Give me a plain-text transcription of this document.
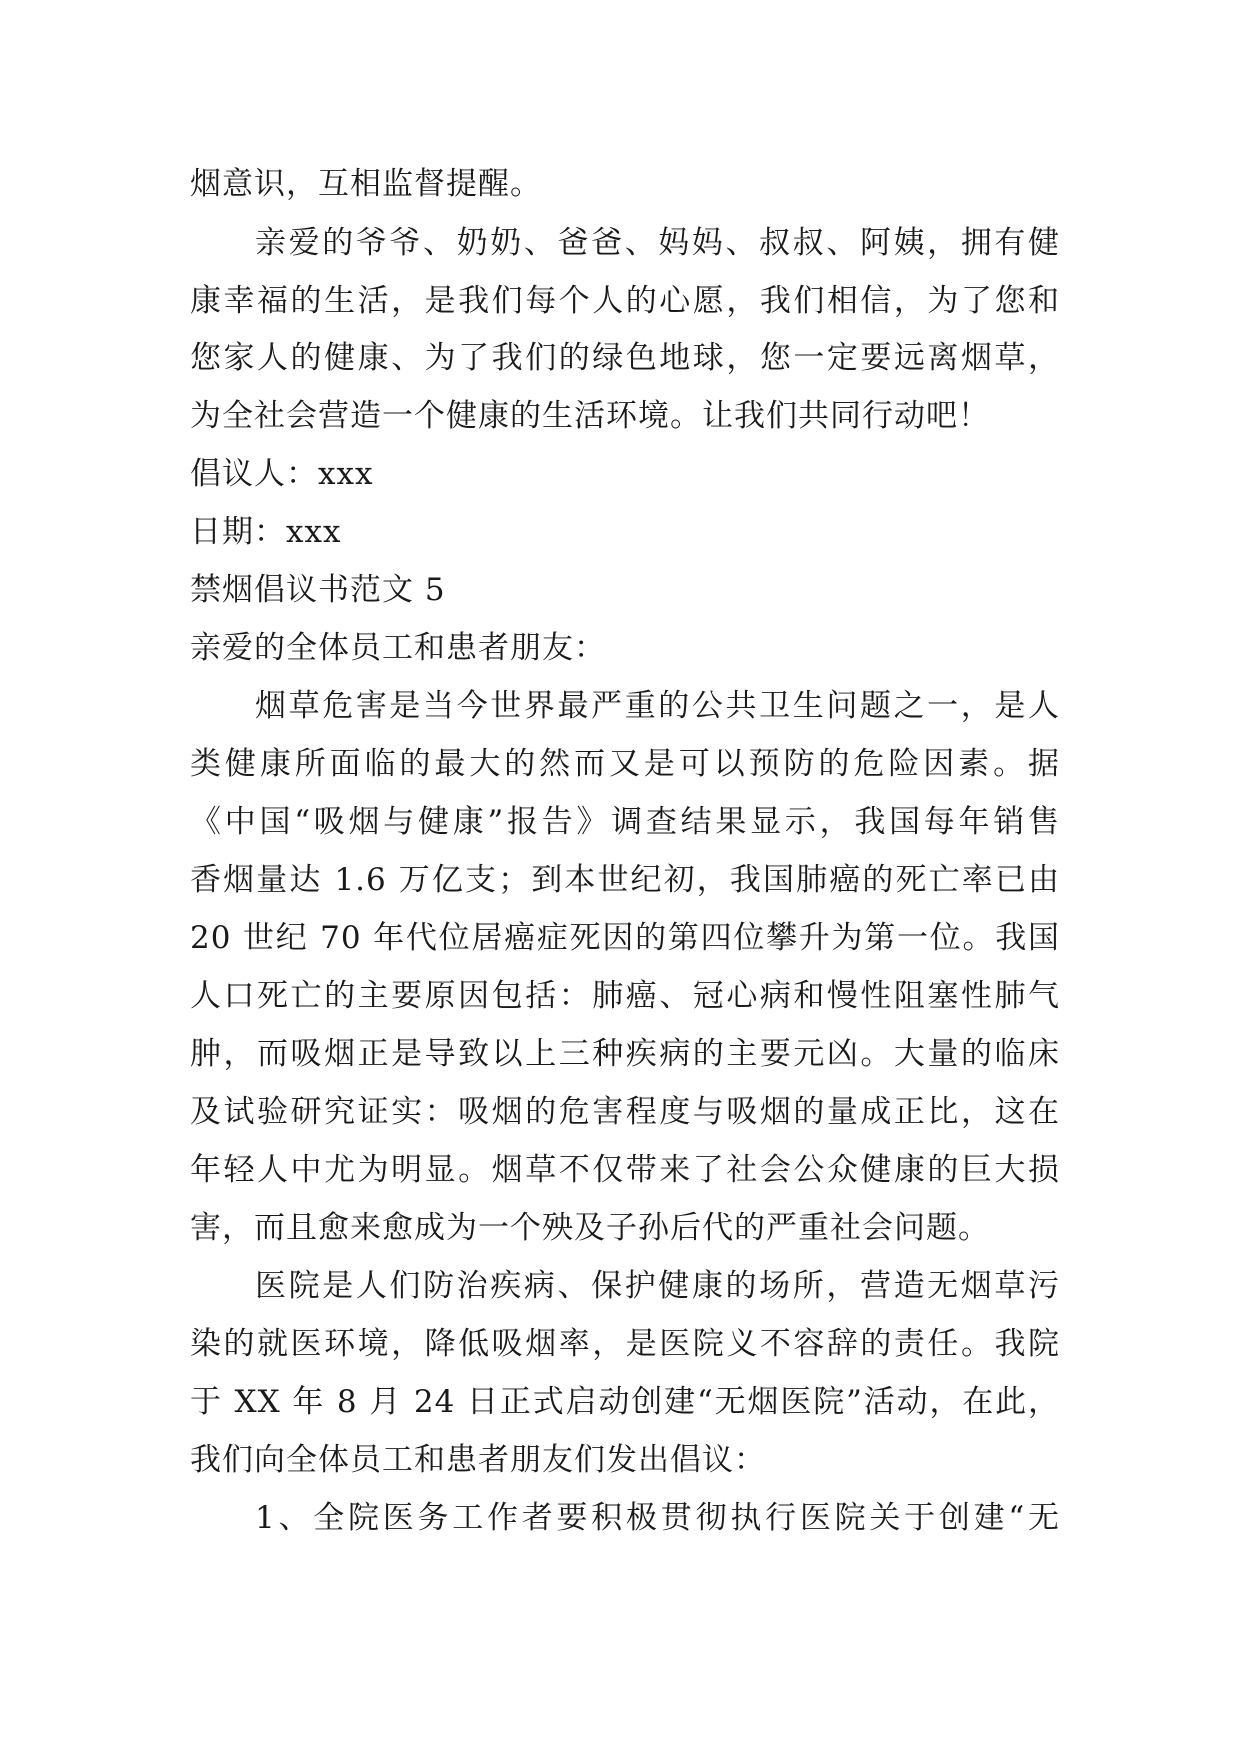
烟意识，互相监督提醒。
亲爱的爷爷、奶奶、爸爸、妈妈、叔叔、阿姨，拥有健
康幸福的生活，是我们每个人的心愿，我们相信，为了您和
您家人的健康、为了我们的绿色地球，您一定要远离烟草，
为全社会营造一个健康的生活环境。让我们共同行动吧！
倡议人：xxx
日期：xxx
禁烟倡议书范文 5
亲爱的全体员工和患者朋友：
烟草危害是当今世界最严重的公共卫生问题之一，是人
类健康所面临的最大的然而又是可以预防的危险因素。据
《中国“吸烟与健康”报告》调查结果显示，我国每年销售
香烟量达 1.6 万亿支；到本世纪初，我国肺癌的死亡率已由
20 世纪 70 年代位居癌症死因的第四位攀升为第一位。我国
人口死亡的主要原因包括：肺癌、冠心病和慢性阻塞性肺气
肿，而吸烟正是导致以上三种疾病的主要元凶。大量的临床
及试验研究证实：吸烟的危害程度与吸烟的量成正比，这在
年轻人中尤为明显。烟草不仅带来了社会公众健康的巨大损
害，而且愈来愈成为一个殃及子孙后代的严重社会问题。
医院是人们防治疾病、保护健康的场所，营造无烟草污
染的就医环境，降低吸烟率，是医院义不容辞的责任。我院
于 XX 年 8 月 24 日正式启动创建“无烟医院”活动，在此，
我们向全体员工和患者朋友们发出倡议：
1、全院医务工作者要积极贯彻执行医院关于创建“无
